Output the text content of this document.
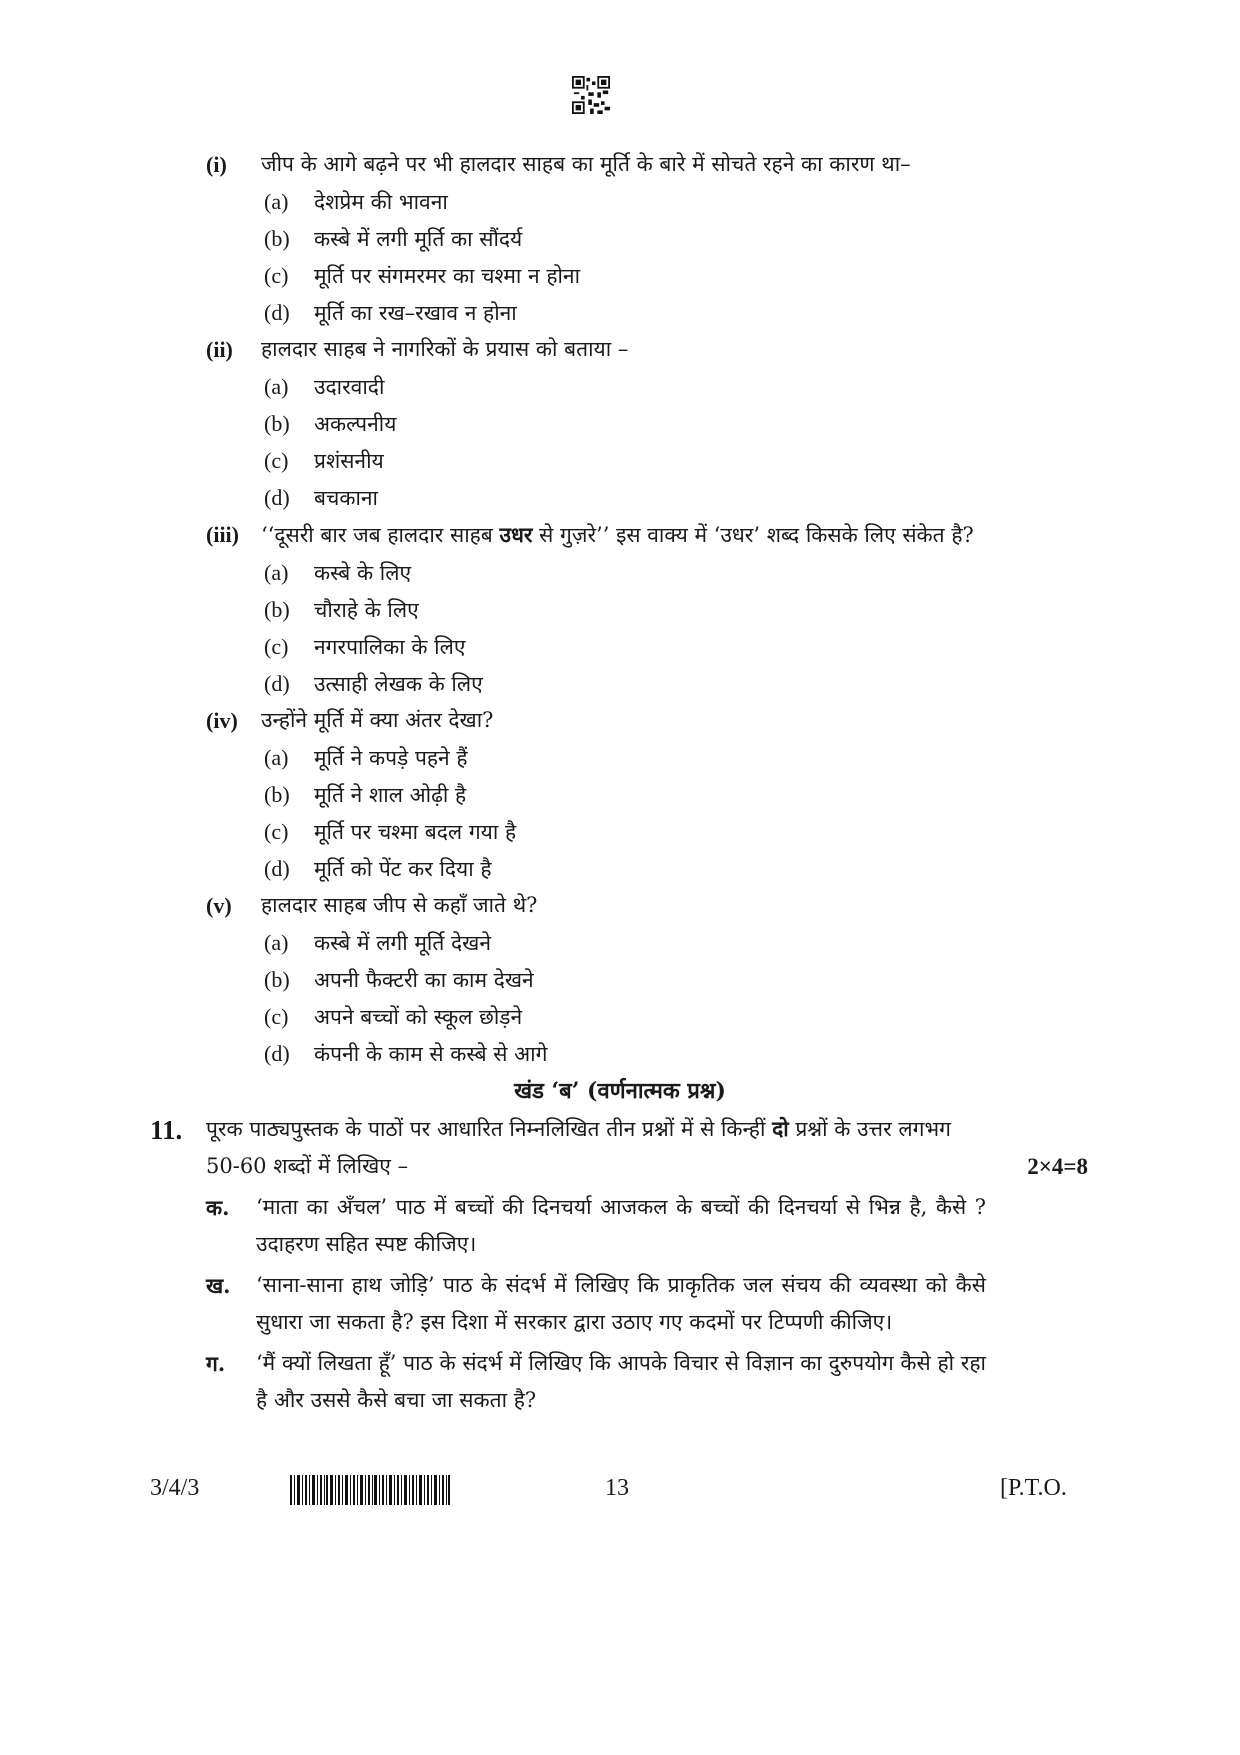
(i) जीप के आगे बढ़ने पर भी हालदार साहब का मूर्ति के बारे में सोचते रहने का कारण था–
(a) देशप्रेम की भावना
(b) कस्बे में लगी मूर्ति का सौंदर्य
(c) मूर्ति पर संगमरमर का चश्मा न होना
(d) मूर्ति का रख–रखाव न होना
(ii) हालदार साहब ने नागरिकों के प्रयास को बताया –
(a) उदारवादी
(b) अकल्पनीय
(c) प्रशंसनीय
(d) बचकाना
(iii) ‘‘दूसरी बार जब हालदार साहब उधर से गुज़रे’’ इस वाक्य में ‘उधर’ शब्द किसके लिए संकेत है?
(a) कस्बे के लिए
(b) चौराहे के लिए
(c) नगरपालिका के लिए
(d) उत्साही लेखक के लिए
(iv) उन्होंने मूर्ति में क्या अंतर देखा?
(a) मूर्ति ने कपड़े पहने हैं
(b) मूर्ति ने शाल ओढ़ी है
(c) मूर्ति पर चश्मा बदल गया है
(d) मूर्ति को पेंट कर दिया है
(v) हालदार साहब जीप से कहाँ जाते थे?
(a) कस्बे में लगी मूर्ति देखने
(b) अपनी फैक्टरी का काम देखने
(c) अपने बच्चों को स्कूल छोड़ने
(d) कंपनी के काम से कस्बे से आगे
खंड ‘ब’ (वर्णनात्मक प्रश्न)
11. पूरक पाठ्यपुस्तक के पाठों पर आधारित निम्नलिखित तीन प्रश्नों में से किन्हीं दो प्रश्नों के उत्तर लगभग 50-60 शब्दों में लिखिए –	2×4=8
क. ‘माता का अँचल’ पाठ में बच्चों की दिनचर्या आजकल के बच्चों की दिनचर्या से भिन्न है, कैसे ? उदाहरण सहित स्पष्ट कीजिए।
ख. ‘साना-साना हाथ जोड़ि’ पाठ के संदर्भ में लिखिए कि प्राकृतिक जल संचय की व्यवस्था को कैसे सुधारा जा सकता है? इस दिशा में सरकार द्वारा उठाए गए कदमों पर टिप्पणी कीजिए।
ग. ‘मैं क्यों लिखता हूँ’ पाठ के संदर्भ में लिखिए कि आपके विचार से विज्ञान का दुरुपयोग कैसे हो रहा है और उससे कैसे बचा जा सकता है?
3/4/3	13	[P.T.O.
